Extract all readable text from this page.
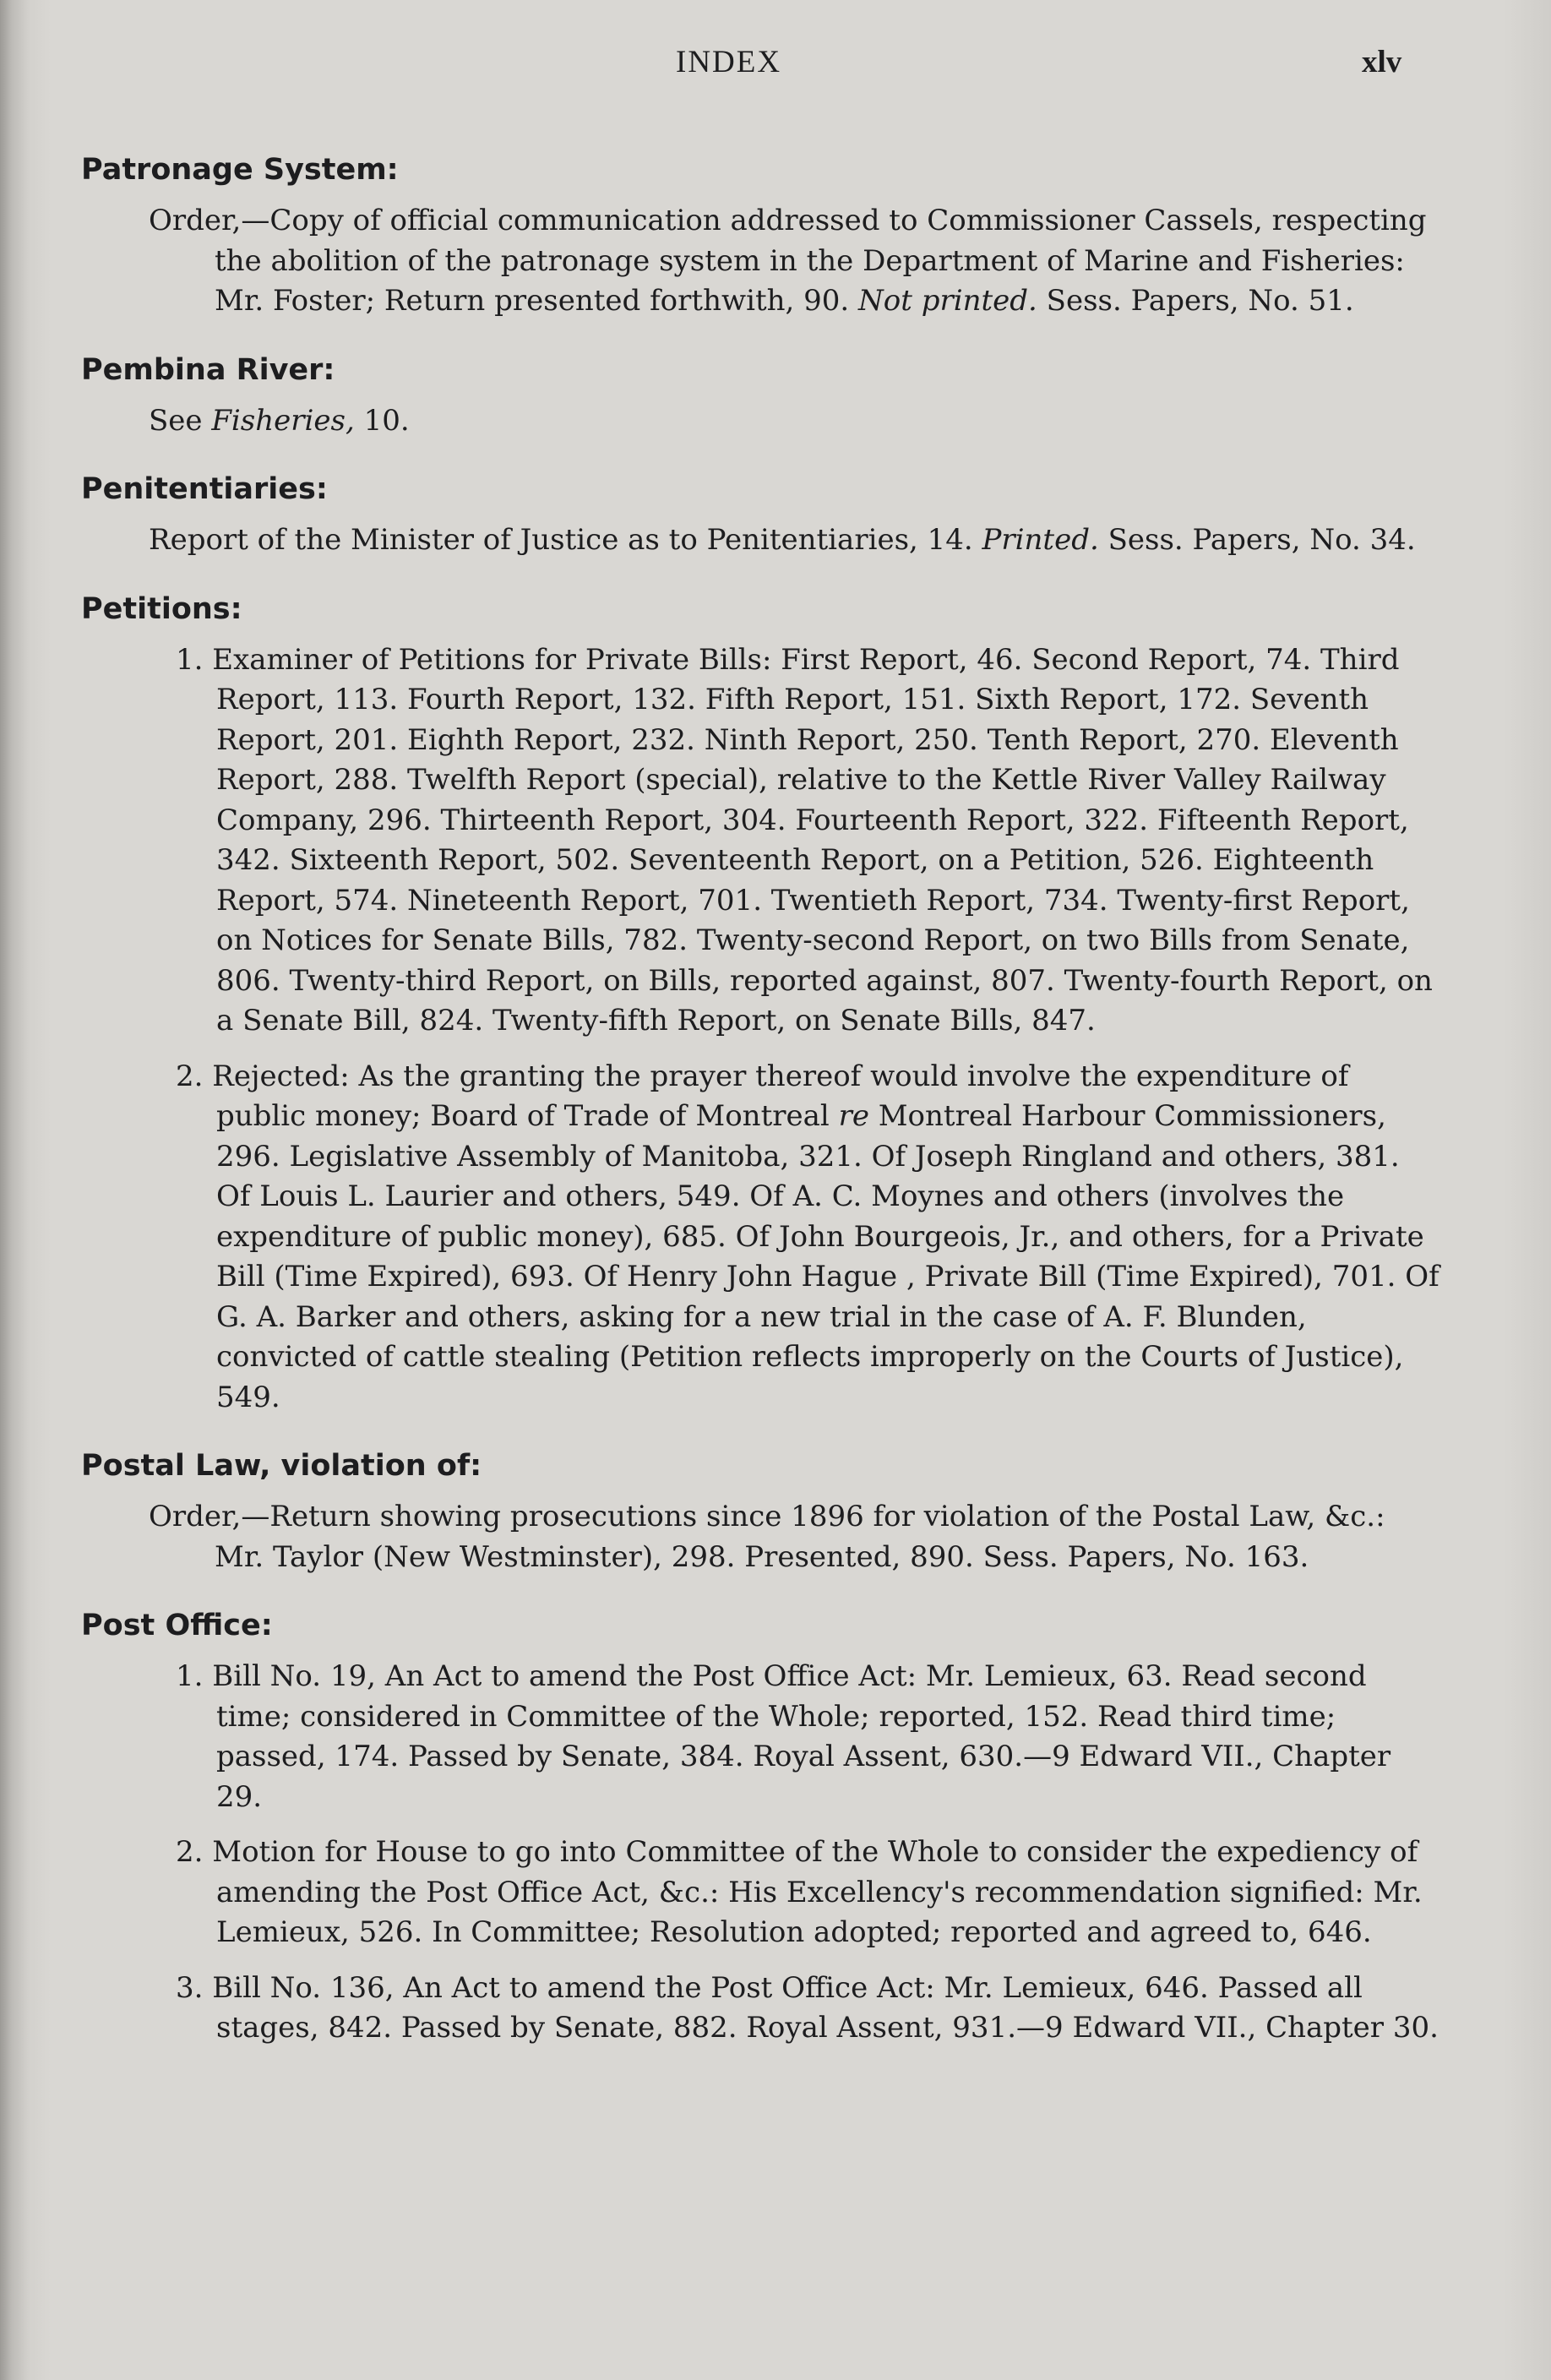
INDEX	xlv
Patronage System:
Order,—Copy of official communication addressed to Commissioner Cassels, respecting the abolition of the patronage system in the Department of Marine and Fisheries: Mr. Foster; Return presented forthwith, 90. Not printed. Sess. Papers, No. 51.
Pembina River:
See Fisheries, 10.
Penitentiaries:
Report of the Minister of Justice as to Penitentiaries, 14. Printed. Sess. Papers, No. 34.
Petitions:
1. Examiner of Petitions for Private Bills: First Report, 46. Second Report, 74. Third Report, 113. Fourth Report, 132. Fifth Report, 151. Sixth Report, 172. Seventh Report, 201. Eighth Report, 232. Ninth Report, 250. Tenth Report, 270. Eleventh Report, 288. Twelfth Report (special), relative to the Kettle River Valley Railway Company, 296. Thirteenth Report, 304. Fourteenth Report, 322. Fifteenth Report, 342. Sixteenth Report, 502. Seventeenth Report, on a Petition, 526. Eighteenth Report, 574. Nineteenth Report, 701. Twentieth Report, 734. Twenty-first Report, on Notices for Senate Bills, 782. Twenty-second Report, on two Bills from Senate, 806. Twenty-third Report, on Bills, reported against, 807. Twenty-fourth Report, on a Senate Bill, 824. Twenty-fifth Report, on Senate Bills, 847.
2. Rejected: As the granting the prayer thereof would involve the expenditure of public money; Board of Trade of Montreal re Montreal Harbour Commissioners, 296. Legislative Assembly of Manitoba, 321. Of Joseph Ringland and others, 381. Of Louis L. Laurier and others, 549. Of A. C. Moynes and others (involves the expenditure of public money), 685. Of John Bourgeois, Jr., and others, for a Private Bill (Time Expired), 693. Of Henry John Hague , Private Bill (Time Expired), 701. Of G. A. Barker and others, asking for a new trial in the case of A. F. Blunden, convicted of cattle stealing (Petition reflects improperly on the Courts of Justice), 549.
Postal Law, violation of:
Order,—Return showing prosecutions since 1896 for violation of the Postal Law, &c.: Mr. Taylor (New Westminster), 298. Presented, 890. Sess. Papers, No. 163.
Post Office:
1. Bill No. 19, An Act to amend the Post Office Act: Mr. Lemieux, 63. Read second time; considered in Committee of the Whole; reported, 152. Read third time; passed, 174. Passed by Senate, 384. Royal Assent, 630.—9 Edward VII., Chapter 29.
2. Motion for House to go into Committee of the Whole to consider the expediency of amending the Post Office Act, &c.: His Excellency's recommendation signified: Mr. Lemieux, 526. In Committee; Resolution adopted; reported and agreed to, 646.
3. Bill No. 136, An Act to amend the Post Office Act: Mr. Lemieux, 646. Passed all stages, 842. Passed by Senate, 882. Royal Assent, 931.—9 Edward VII., Chapter 30.
